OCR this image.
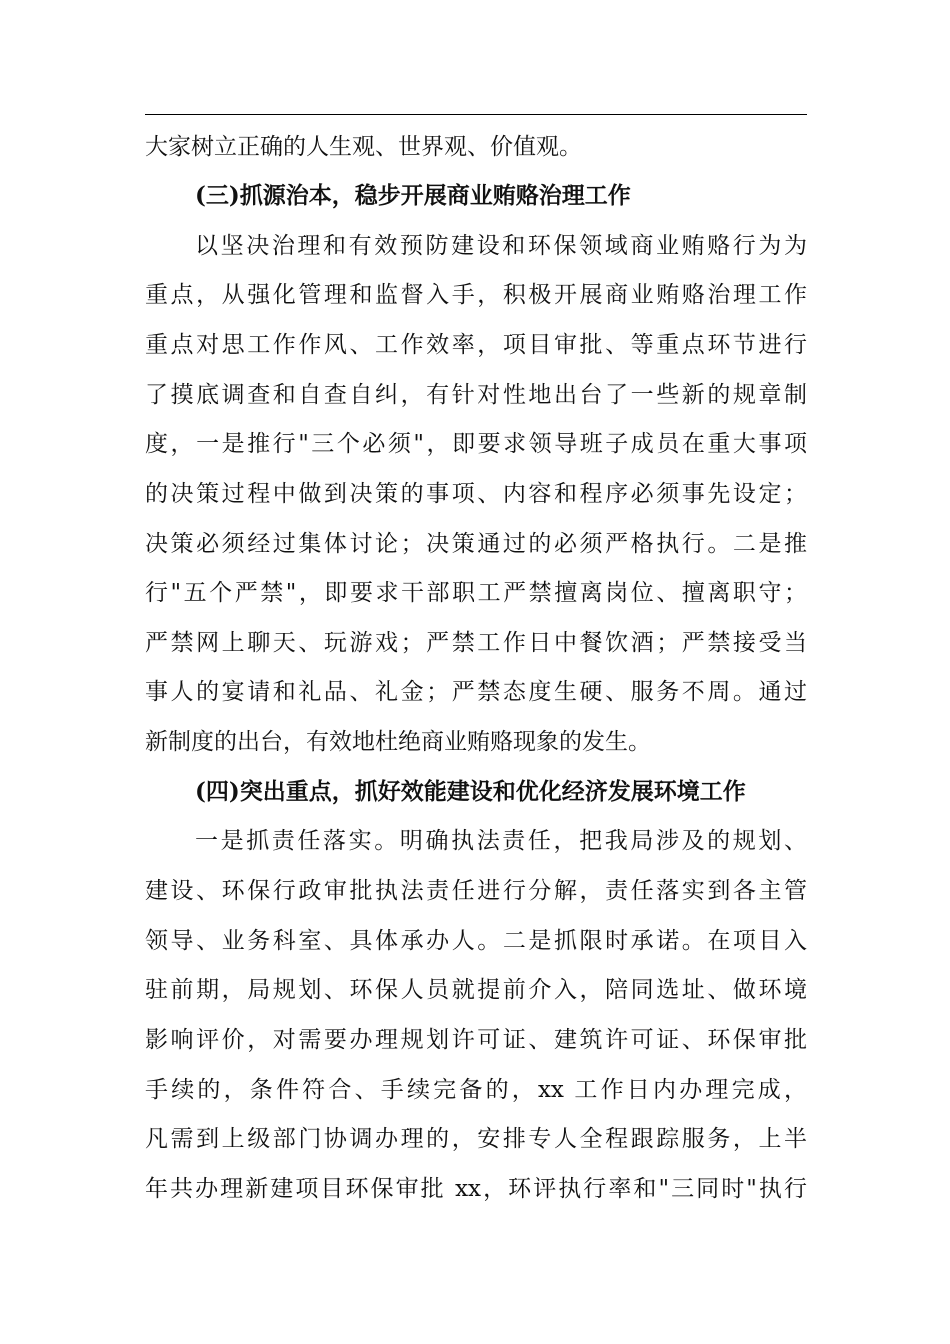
大家树立正确的人生观、世界观、价值观。
(三)抓源治本，稳步开展商业贿赂治理工作
以坚决治理和有效预防建设和环保领域商业贿赂行为为
重点，从强化管理和监督入手，积极开展商业贿赂治理工作
重点对思工作作风、工作效率，项目审批、等重点环节进行
了摸底调查和自查自纠，有针对性地出台了一些新的规章制
度，一是推行"三个必须"，即要求领导班子成员在重大事项
的决策过程中做到决策的事项、内容和程序必须事先设定；
决策必须经过集体讨论；决策通过的必须严格执行。二是推
行"五个严禁"，即要求干部职工严禁擅离岗位、擅离职守；
严禁网上聊天、玩游戏；严禁工作日中餐饮酒；严禁接受当
事人的宴请和礼品、礼金；严禁态度生硬、服务不周。通过
新制度的出台，有效地杜绝商业贿赂现象的发生。
(四)突出重点，抓好效能建设和优化经济发展环境工作
一是抓责任落实。明确执法责任，把我局涉及的规划、
建设、环保行政审批执法责任进行分解，责任落实到各主管
领导、业务科室、具体承办人。二是抓限时承诺。在项目入
驻前期，局规划、环保人员就提前介入，陪同选址、做环境
影响评价，对需要办理规划许可证、建筑许可证、环保审批
手续的，条件符合、手续完备的，xx 工作日内办理完成，
凡需到上级部门协调办理的，安排专人全程跟踪服务，上半
年共办理新建项目环保审批 xx，环评执行率和"三同时"执行
